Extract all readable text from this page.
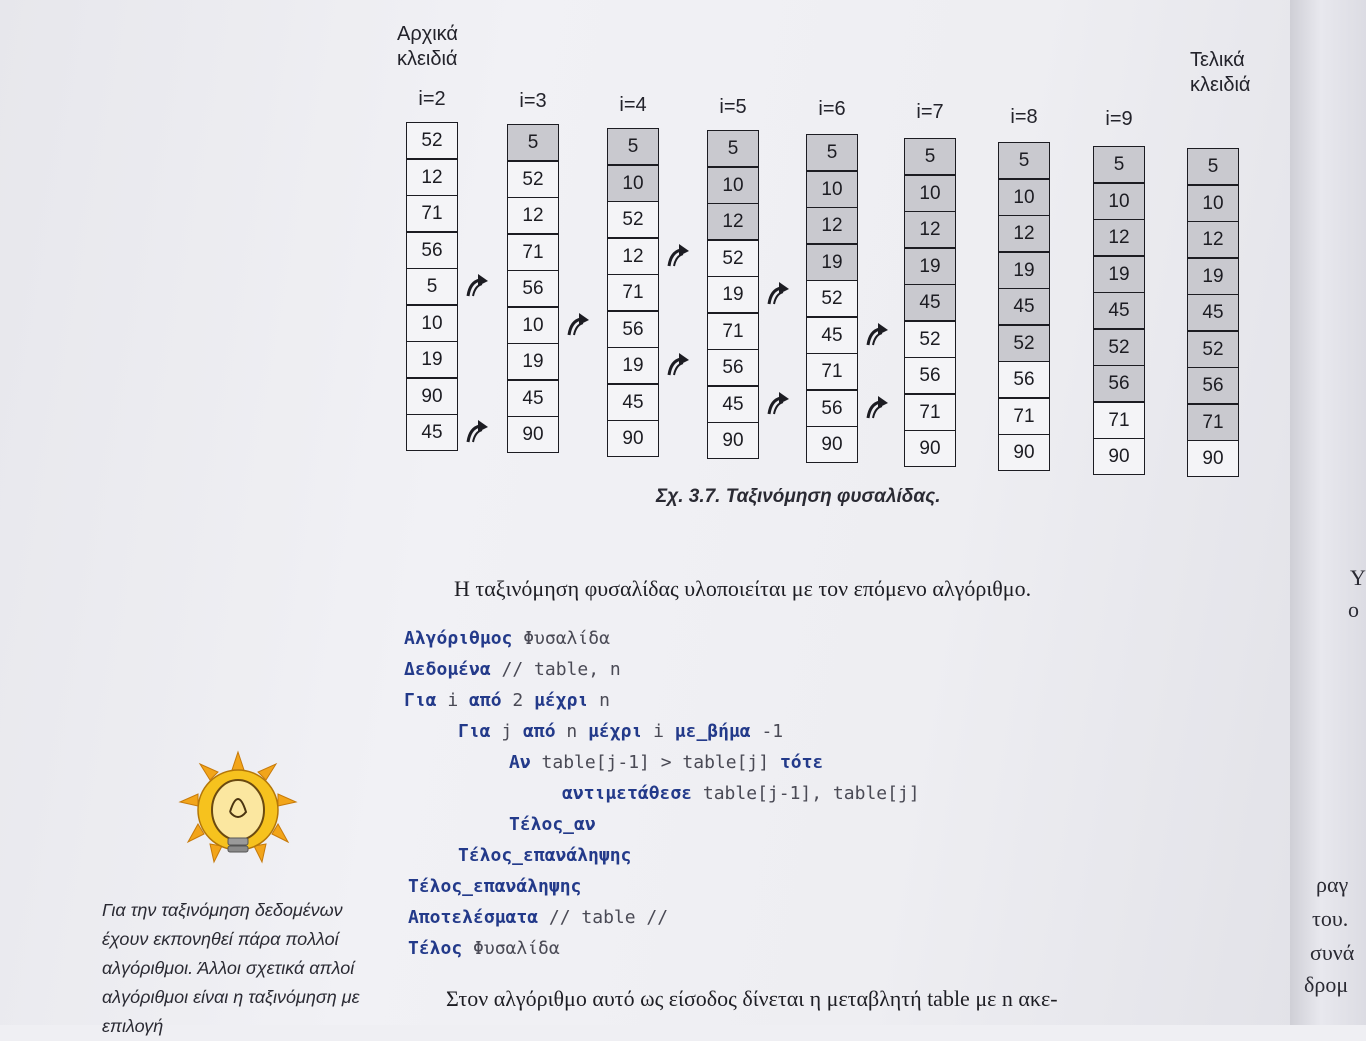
Αρχικά
κλειδιά	Τελικά
κλειδιά
i=2
52
12
71
56
5
10
19
90
45
i=3
5
52
12
71
56
10
19
45
90
i=4
5
10
52
12
71
56
19
45
90
i=5
5
10
12
52
19
71
56
45
90
i=6
5
10
12
19
52
45
71
56
90
i=7
5
10
12
19
45
52
56
71
90
i=8
5
10
12
19
45
52
56
71
90
i=9
5
10
12
19
45
52
56
71
90
5
10
12
19
45
52
56
71
90
Σχ. 3.7. Ταξινόμηση φυσαλίδας.
Η ταξινόμηση φυσαλίδας υλοποιείται με τον επόμενο αλγόριθμο.
Αλγόριθμος Φυσαλίδα
Δεδομένα // table, n
Για i από 2 μέχρι n
Για j από n μέχρι i με_βήμα -1
Αν table[j-1] > table[j] τότε
αντιμετάθεσε table[j-1], table[j]
Τέλος_αν
Τέλος_επανάληψης
Τέλος_επανάληψης
Αποτελέσματα // table //
Τέλος Φυσαλίδα
Για την ταξινόμηση δεδομένων έχουν εκπονηθεί πάρα πολλοί αλγόριθμοι. Άλλοι σχετικά απλοί αλγόριθμοι είναι η ταξινόμηση με επιλογή
Στον αλγόριθμο αυτό ως είσοδος δίνεται η μεταβλητή table με n ακε-
Υ
ο
ραγ
του.
συνά
δρομ
